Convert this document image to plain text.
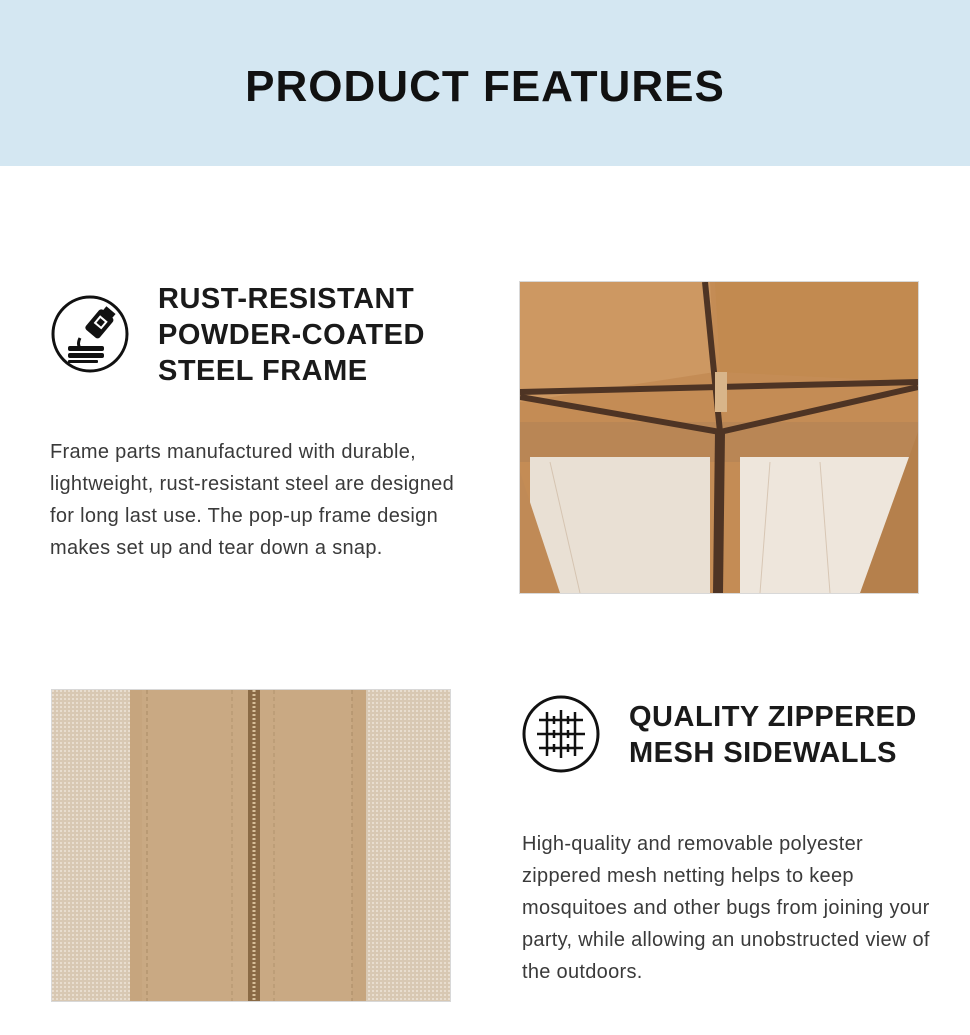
PRODUCT FEATURES
RUST-RESISTANT
POWDER-COATED
STEEL FRAME

Frame parts manufactured with durable, lightweight, rust-resistant steel are designed for long last use. The pop-up frame design makes set up and tear down a snap.

QUALITY ZIPPERED
MESH SIDEWALLS

High-quality and removable polyester zippered mesh netting helps to keep mosquitoes and other bugs from joining your party, while allowing an unobstructed view of the outdoors.
